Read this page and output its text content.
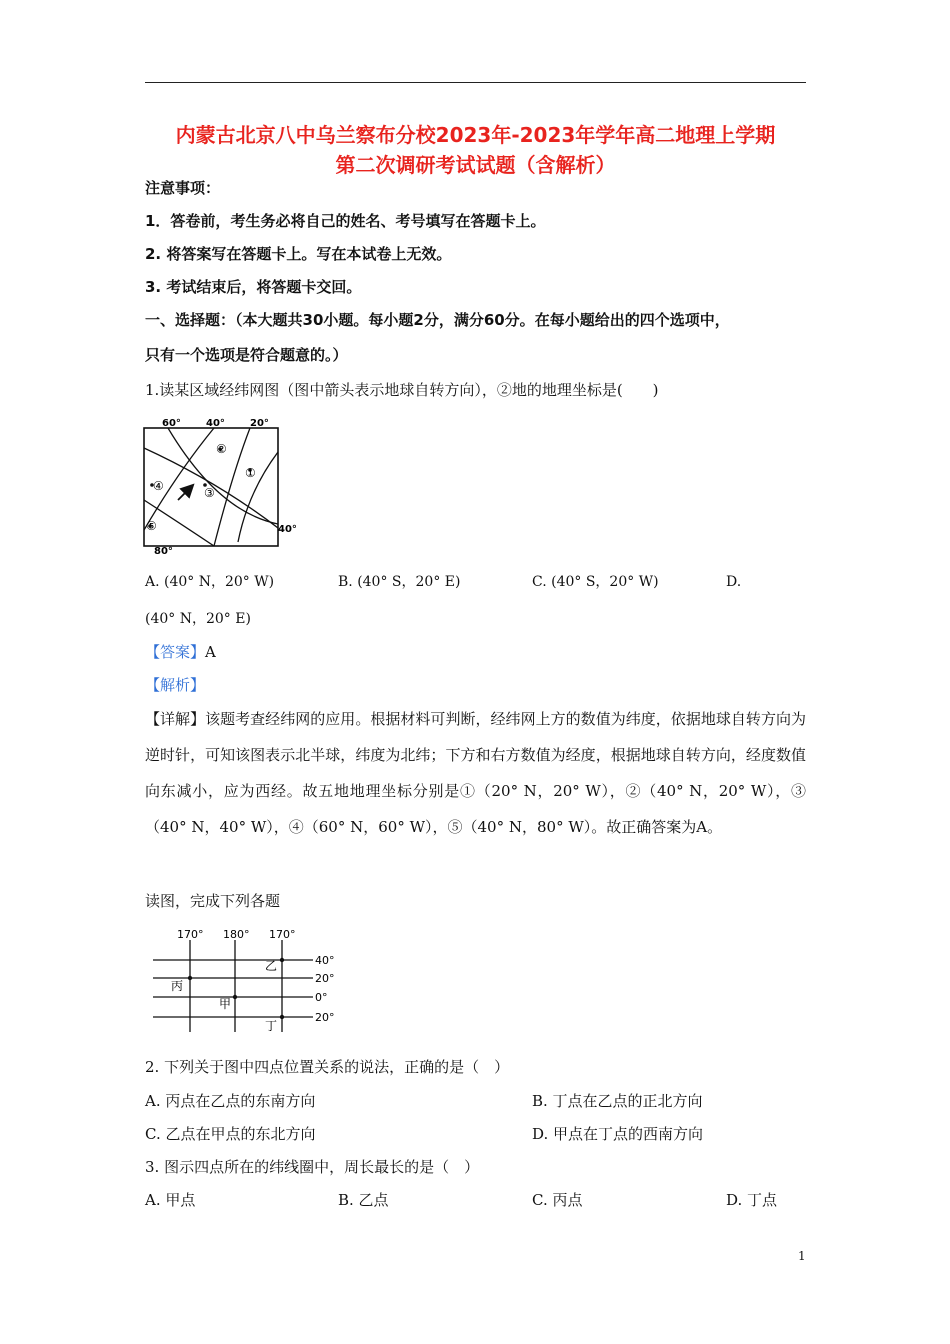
内蒙古北京八中乌兰察布分校2023年-2023年学年高二地理上学期
第二次调研考试试题（含解析）
注意事项：
1．答卷前，考生务必将自己的姓名、考号填写在答题卡上。
2. 将答案写在答题卡上。写在本试卷上无效。
3. 考试结束后，将答题卡交回。
一、选择题：（本大题共30小题。每小题2分，满分60分。在每小题给出的四个选项中，
只有一个选项是符合题意的。）
1.读某区域经纬网图（图中箭头表示地球自转方向），②地的地理坐标是(　　)
60°	40°	20°
40°
80°
①
②
③
④
⑤
A. (40° N，20° W)	B. (40° S，20° E)	C. (40° S，20° W)	D.
(40° N，20° E)
【答案】A
【解析】
【详解】该题考查经纬网的应用。根据材料可判断，经纬网上方的数值为纬度，依据地球自转方向为逆时针，可知该图表示北半球，纬度为北纬；下方和右方数值为经度，根据地球自转方向，经度数值向东减小，应为西经。故五地地理坐标分别是①（20° N，20° W），②（40° N，20° W），③（40° N，40° W），④（60° N，60° W），⑤（40° N，80° W）。故正确答案为A。
读图，完成下列各题
170° 180° 170°
40°
20°
0°
20°
乙
丙
甲
丁
2. 下列关于图中四点位置关系的说法，正确的是（　）
A. 丙点在乙点的东南方向	B. 丁点在乙点的正北方向
C. 乙点在甲点的东北方向	D. 甲点在丁点的西南方向
3. 图示四点所在的纬线圈中，周长最长的是（　）
A. 甲点	B. 乙点	C. 丙点	D. 丁点
1
